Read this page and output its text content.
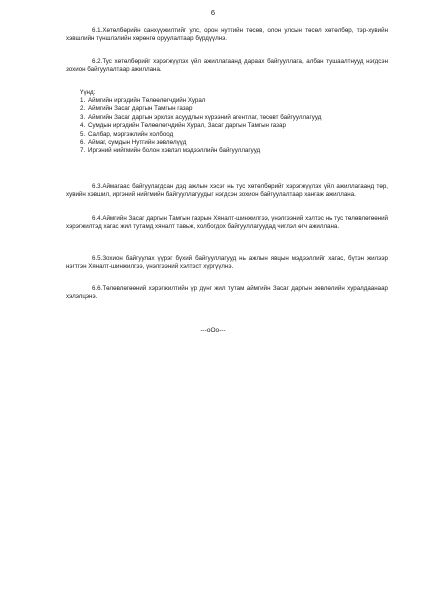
6

6.1.Хөтөлбөрийн санхүүжилтийг улс, орон нутгийн төсөв, олон улсын төсөл хөтөлбөр, тэр-хувийн хэвшлийн түншлэлийн хөрөнгө оруулалтаар бүрдүүлнэ.

6.2.Тус хөтөлбөрийг хэрэгжүүлэх үйл ажиллагаанд дараах байгууллага, албан тушаалтнууд нэгдсэн зохион байгуулалтаар ажиллана.

Үүнд:

1. Аймгийн иргэдийн Төлөөлөгчдийн Хурал
2. Аймгийн Засаг даргын Тамгын газар
3. Аймгийн Засаг даргын эрхлэх асуудлын хүрээний агентлаг, төсөвт байгууллагууд
4. Сумдын иргэдийн Төлөөлөгчдийн Хурал, Засаг даргын Тамгын газар
5. Салбар, мэргэжлийн холбоод
6. Аймаг, сумдын Нутгийн зөвлөлүүд
7. Иргэний нийгмийн болон хэвлэл мэдээллийн байгууллагууд

6.3.Аймагаас байгуулагдсан дэд ажлын хэсэг нь тус хөтөлбөрийг хэрэгжүүлэх үйл ажиллагаанд төр, хувийн хэвшил, иргэний нийгмийн байгууллагуудыг нэгдсэн зохион байгуулалтаар хангаж ажиллана.

6.4.Аймгийн Засаг даргын Тамгын газрын Хяналт-шинжилгээ, үнэлгээний хэлтэс нь тус төлөвлөгөөний хэрэгжилтэд хагас жил тутамд хяналт тавьж, холбогдох байгууллагуудад чиглэл өгч ажиллана.

6.5.Зохион байгуулах үүрэг бүхий байгууллагууд нь ажлын явцын мэдээллийг хагас, бүтэн жилээр нэгтгэн Хяналт-шинжилгээ, үнэлгээний хэлтэст хүргүүлнэ.

6.6.Төлөвлөгөөний хэрэгжилтийн үр дүнг жил тутам аймгийн Засаг даргын зөвлөлийн хуралдаанаар хэлэлцэнэ.

---oOo---
